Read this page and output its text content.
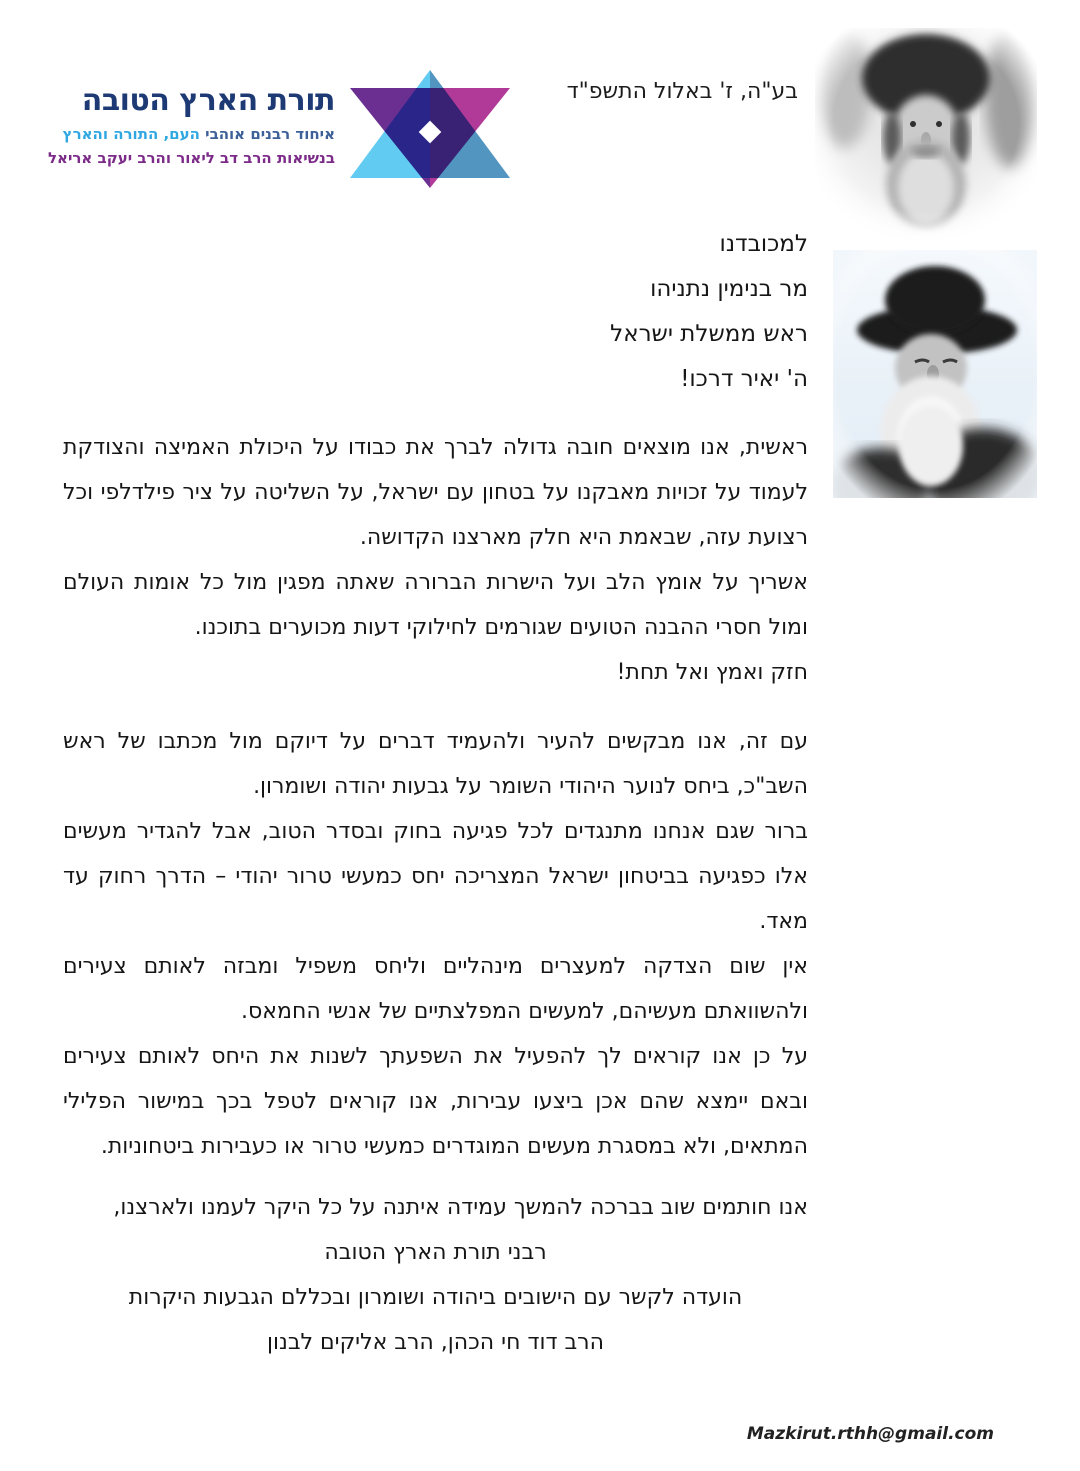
בע"ה, ז' באלול התשפ"ד
תורת הארץ הטובה
איחוד רבנים אוהבי העם, התורה והארץ
בנשיאות הרב דב ליאור והרב יעקב אריאל
למכובדנו
מר בנימין נתניהו
ראש ממשלת ישראל
ה' יאיר דרכו!

ראשית, אנו מוצאים חובה גדולה לברך את כבודו על היכולת האמיצה והצודקת לעמוד על זכויות מאבקנו על בטחון עם ישראל, על השליטה על ציר פילדלפי וכל רצועת עזה, שבאמת היא חלק מארצנו הקדושה.

אשריך על אומץ הלב ועל הישרות הברורה שאתה מפגין מול כל אומות העולם ומול חסרי ההבנה הטועים שגורמים לחילוקי דעות מכוערים בתוכנו.

חזק ואמץ ואל תחת!

עם זה, אנו מבקשים להעיר ולהעמיד דברים על דיוקם מול מכתבו של ראש השב"כ, ביחס לנוער היהודי השומר על גבעות יהודה ושומרון.

ברור שגם אנחנו מתנגדים לכל פגיעה בחוק ובסדר הטוב, אבל להגדיר מעשים אלו כפגיעה בביטחון ישראל המצריכה יחס כמעשי טרור יהודי – הדרך רחוק עד מאד.

אין שום הצדקה למעצרים מינהליים וליחס משפיל ומבזה לאותם צעירים ולהשוואתם מעשיהם, למעשים המפלצתיים של אנשי החמאס.

על כן אנו קוראים לך להפעיל את השפעתך לשנות את היחס לאותם צעירים ובאם יימצא שהם אכן ביצעו עבירות, אנו קוראים לטפל בכך במישור הפלילי המתאים, ולא במסגרת מעשים המוגדרים כמעשי טרור או כעבירות ביטחוניות.

אנו חותמים שוב בברכה להמשך עמידה איתנה על כל היקר לעמנו ולארצנו,

רבני תורת הארץ הטובה

הועדה לקשר עם הישובים ביהודה ושומרון ובכללם הגבעות היקרות

הרב דוד חי הכהן, הרב אליקים לבנון

Mazkirut.rthh@gmail.com
